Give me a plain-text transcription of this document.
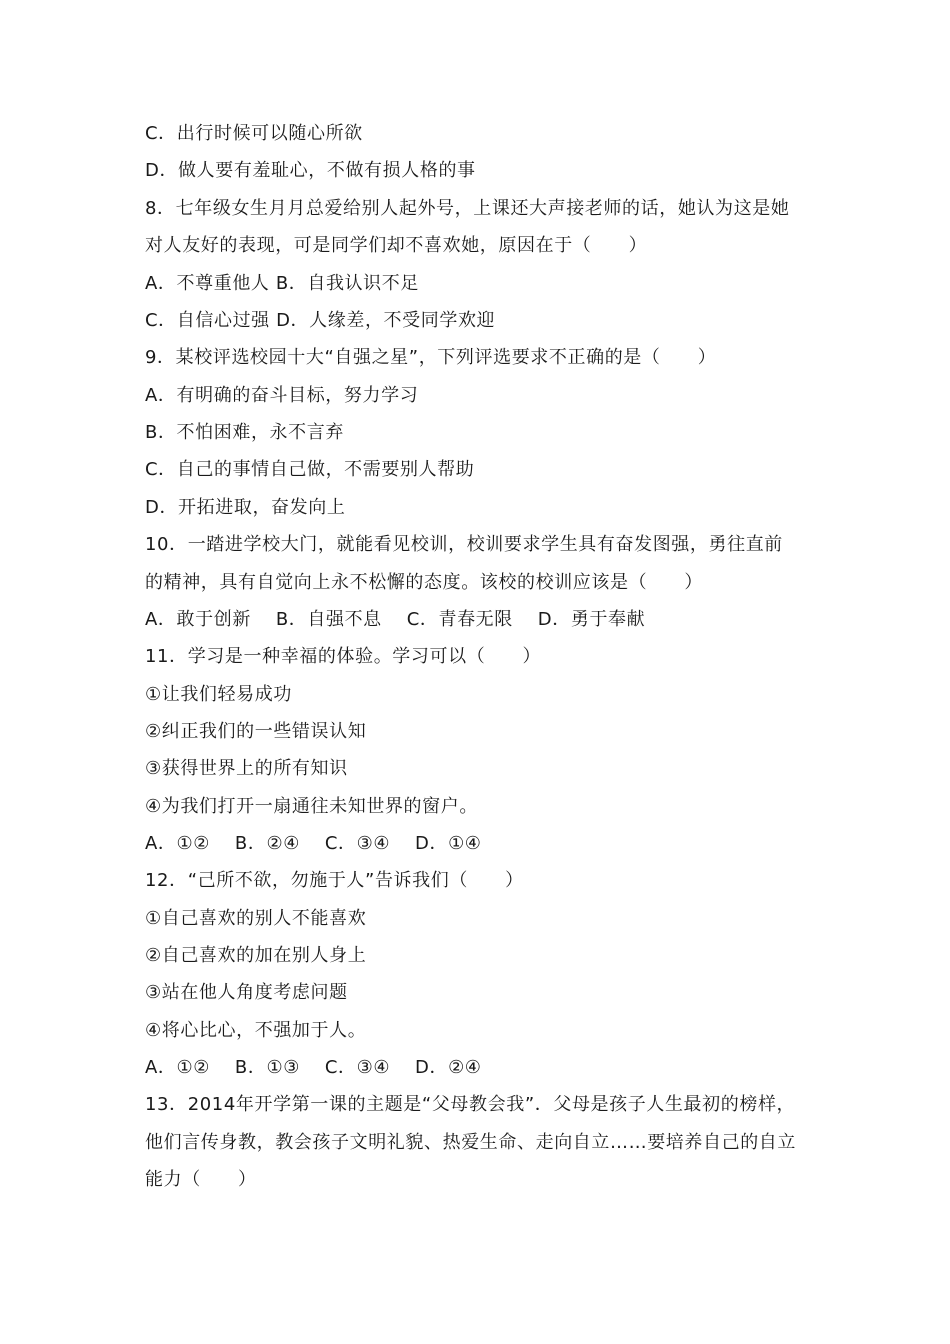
C．出行时候可以随心所欲
D．做人要有羞耻心，不做有损人格的事
8．七年级女生月月总爱给别人起外号，上课还大声接老师的话，她认为这是她
对人友好的表现，可是同学们却不喜欢她，原因在于（　　）
A．不尊重他人 B．自我认识不足
C．自信心过强 D．人缘差，不受同学欢迎
9．某校评选校园十大“自强之星”，下列评选要求不正确的是（　　）
A．有明确的奋斗目标，努力学习
B．不怕困难，永不言弃
C．自己的事情自己做，不需要别人帮助
D．开拓进取，奋发向上
10．一踏进学校大门，就能看见校训，校训要求学生具有奋发图强，勇往直前
的精神，具有自觉向上永不松懈的态度。该校的校训应该是（　　）
A．敢于创新　 B．自强不息　 C．青春无限　 D．勇于奉献
11．学习是一种幸福的体验。学习可以（　　）
①让我们轻易成功
②纠正我们的一些错误认知
③获得世界上的所有知识
④为我们打开一扇通往未知世界的窗户。
A．①②　 B．②④　 C．③④　 D．①④
12．“己所不欲，勿施于人”告诉我们（　　）
①自己喜欢的别人不能喜欢
②自己喜欢的加在别人身上
③站在他人角度考虑问题
④将心比心，不强加于人。
A．①②　 B．①③　 C．③④　 D．②④
13．2014年开学第一课的主题是“父母教会我”．父母是孩子人生最初的榜样，
他们言传身教，教会孩子文明礼貌、热爱生命、走向自立……要培养自己的自立
能力（　　）
